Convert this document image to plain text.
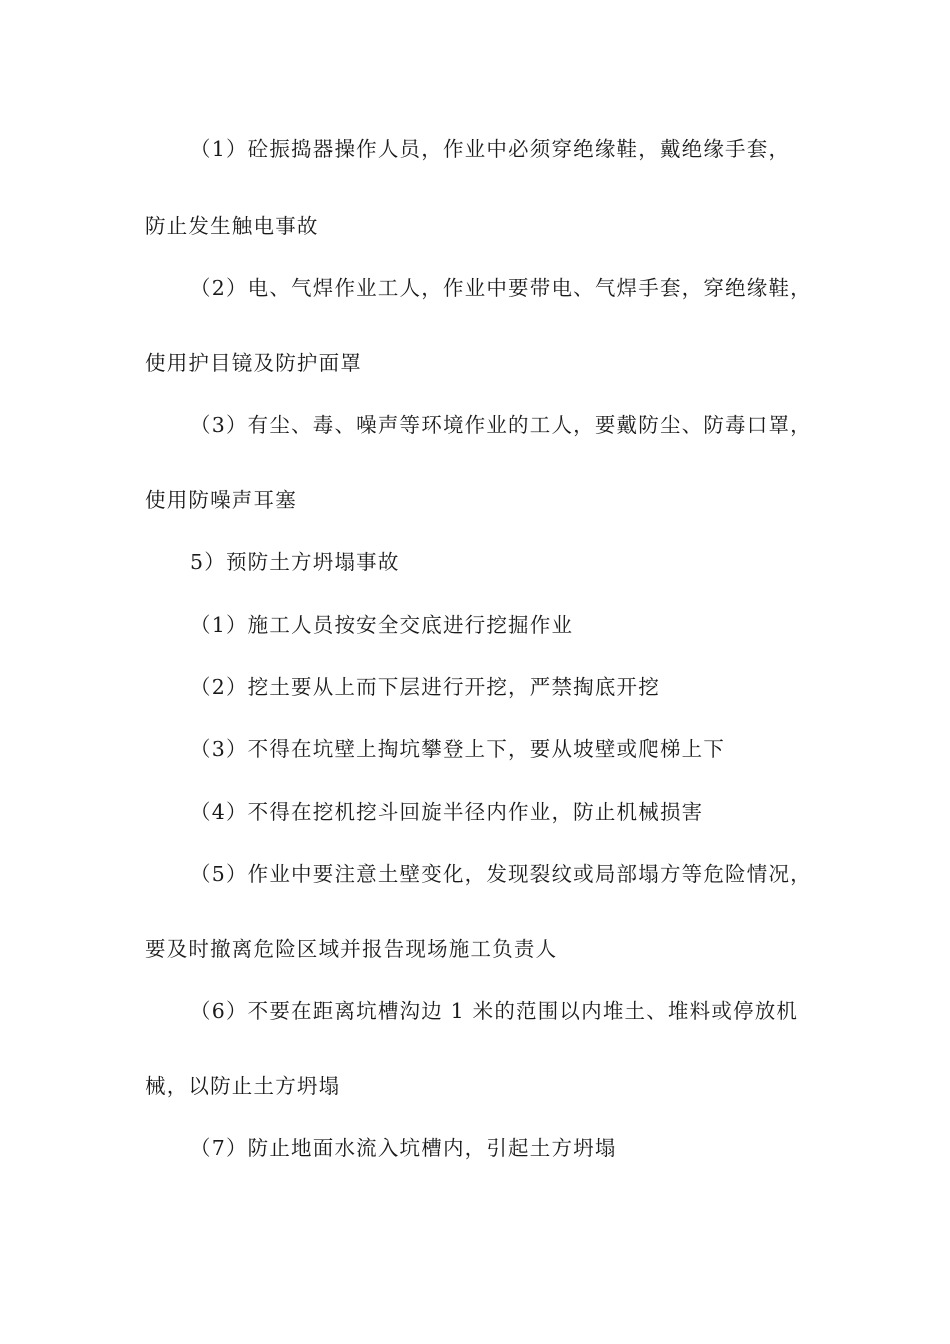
（1）砼振捣器操作人员，作业中必须穿绝缘鞋，戴绝缘手套，
防止发生触电事故
（2）电、气焊作业工人，作业中要带电、气焊手套，穿绝缘鞋，
使用护目镜及防护面罩
（3）有尘、毒、噪声等环境作业的工人，要戴防尘、防毒口罩，
使用防噪声耳塞
5）预防土方坍塌事故
（1）施工人员按安全交底进行挖掘作业
（2）挖土要从上而下层进行开挖，严禁掏底开挖
（3）不得在坑壁上掏坑攀登上下，要从坡壁或爬梯上下
（4）不得在挖机挖斗回旋半径内作业，防止机械损害
（5）作业中要注意土壁变化，发现裂纹或局部塌方等危险情况，
要及时撤离危险区域并报告现场施工负责人
（6）不要在距离坑槽沟边 1 米的范围以内堆土、堆料或停放机
械，以防止土方坍塌
（7）防止地面水流入坑槽内，引起土方坍塌
